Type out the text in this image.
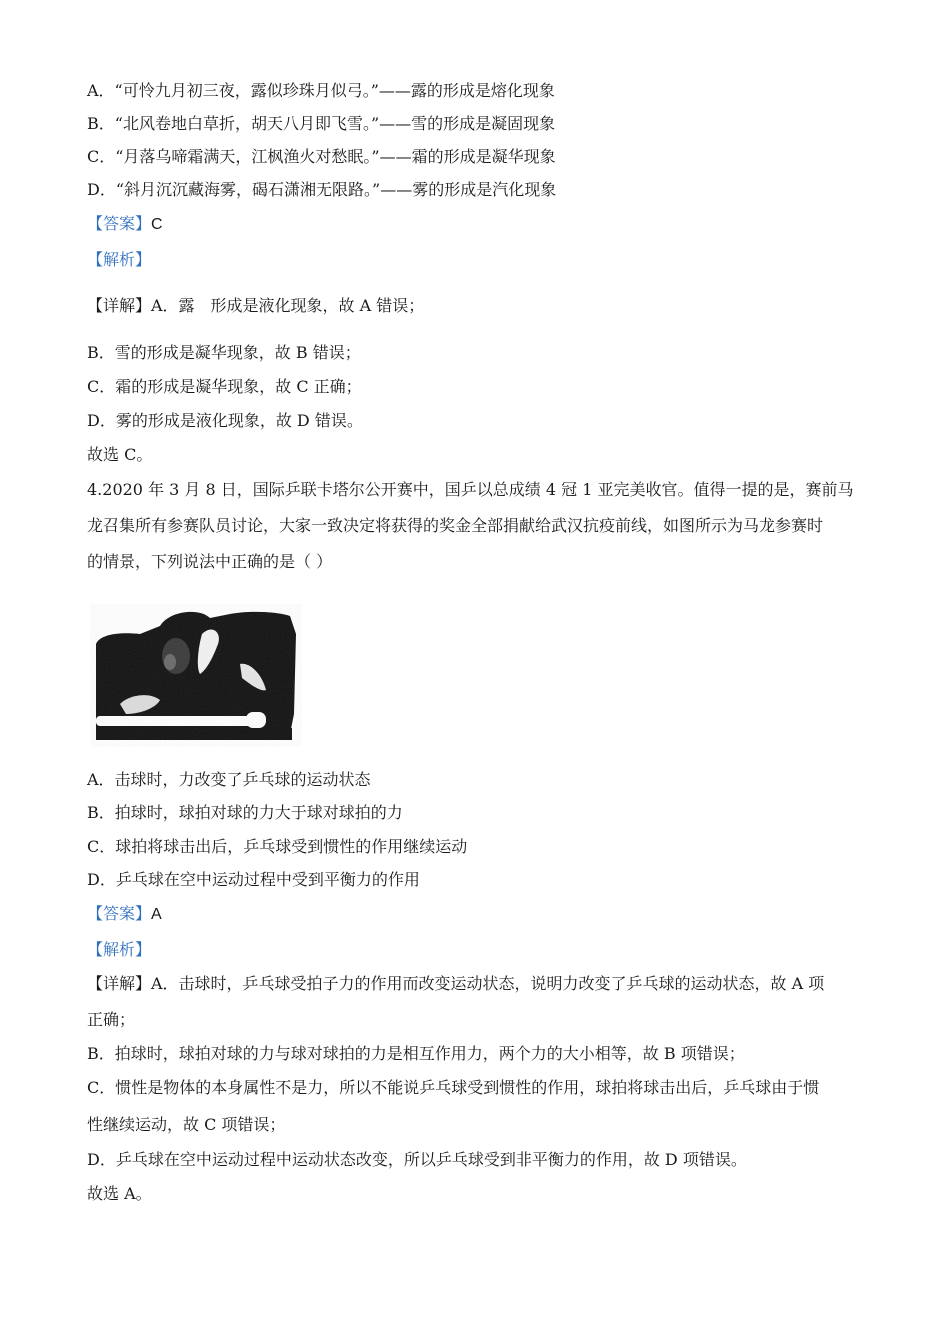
A．“可怜九月初三夜，露似珍珠月似弓。”——露的形成是熔化现象
B．“北风卷地白草折，胡天八月即飞雪。”——雪的形成是凝固现象
C．“月落乌啼霜满天，江枫渔火对愁眠。”——霜的形成是凝华现象
D．“斜月沉沉藏海雾，碣石潇湘无限路。”——雾的形成是汽化现象
【答案】C
【解析】
【详解】A．露　形成是液化现象，故 A 错误；
B．雪的形成是凝华现象，故 B 错误；
C．霜的形成是凝华现象，故 C 正确；
D．雾的形成是液化现象，故 D 错误。
故选 C。
4.2020 年 3 月 8 日，国际乒联卡塔尔公开赛中，国乒以总成绩 4 冠 1 亚完美收官。值得一提的是，赛前马
龙召集所有参赛队员讨论，大家一致决定将获得的奖金全部捐献给武汉抗疫前线，如图所示为马龙参赛时
的情景，下列说法中正确的是（ ）
A．击球时，力改变了乒乓球的运动状态
B．拍球时，球拍对球的力大于球对球拍的力
C．球拍将球击出后，乒乓球受到惯性的作用继续运动
D．乒乓球在空中运动过程中受到平衡力的作用
【答案】A
【解析】
【详解】A．击球时，乒乓球受拍子力的作用而改变运动状态，说明力改变了乒乓球的运动状态，故 A 项
正确；
B．拍球时，球拍对球的力与球对球拍的力是相互作用力，两个力的大小相等，故 B 项错误；
C．惯性是物体的本身属性不是力，所以不能说乒乓球受到惯性的作用，球拍将球击出后，乒乓球由于惯
性继续运动，故 C 项错误；
D．乒乓球在空中运动过程中运动状态改变，所以乒乓球受到非平衡力的作用，故 D 项错误。
故选 A。
